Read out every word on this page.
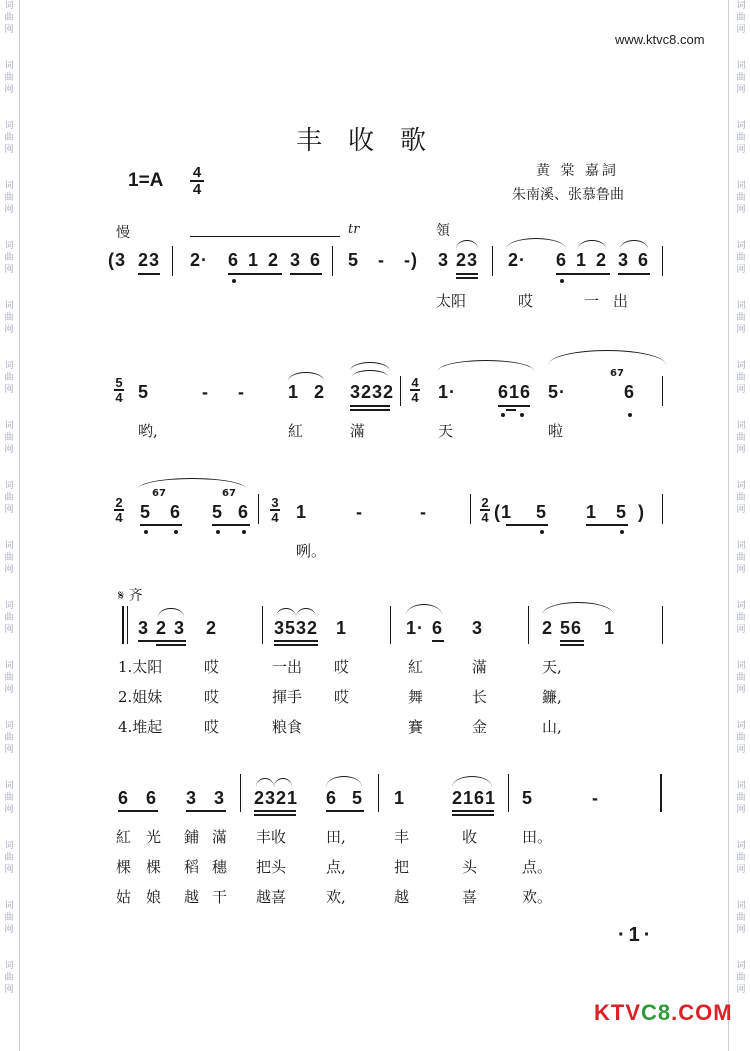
词
曲
网
词
曲
网
词
曲
网
词
曲
网
词
曲
网
词
曲
网
词
曲
网
词
曲
网
词
曲
网
词
曲
网
词
曲
网
词
曲
网
词
曲
网
词
曲
网
词
曲
网
词
曲
网
词
曲
网
词
曲
网
词
曲
网
词
曲
网
词
曲
网
词
曲
网
词
曲
网
词
曲
网
词
曲
网
词
曲
网
词
曲
网
词
曲
网
词
曲
网
词
曲
网
词
曲
网
词
曲
网
词
曲
网
词
曲
网
www.ktvc8.com
丰收歌
黄 棠 嘉詞
朱南溪、张慕鲁曲
$1=A \frac{4}{4}$
慢	tr	領
(3 23 2· 6 1 2 3 6 5 - -) 3 23 2· 6 1 2 3 6
太阳	哎	一出
$\frac{5}{4} 5$	- - 1 2 $3232 \frac{4}{4} 1\cdot 616$ 5·
67
6
哟,	紅	滿	天	啦
$\frac{2}{4} 5$
67
6 5
67
$6 \frac{3}{4} 1$	-	-	$\frac{2}{4} (1$ 5 1 5 )
咧。
𝄋 齐
3 2 3 2	3532 1	1· 6 3	2 56 1
1.太阳	哎	一出 哎	紅	滿	天,
2.姐妹	哎	揮手 哎	舞	长	鐮,
4.堆起	哎	粮食	賽	金	山,
6 6 3 3 2321 6 5 1	2161 5	-
紅 光 鋪 滿 丰收	田,	丰	收	田。
棵 棵 稻 穗 把头	点,	把	头	点。
姑 娘 越 干 越喜	欢,	越	喜	欢。
·1·
KTVC8.COM
